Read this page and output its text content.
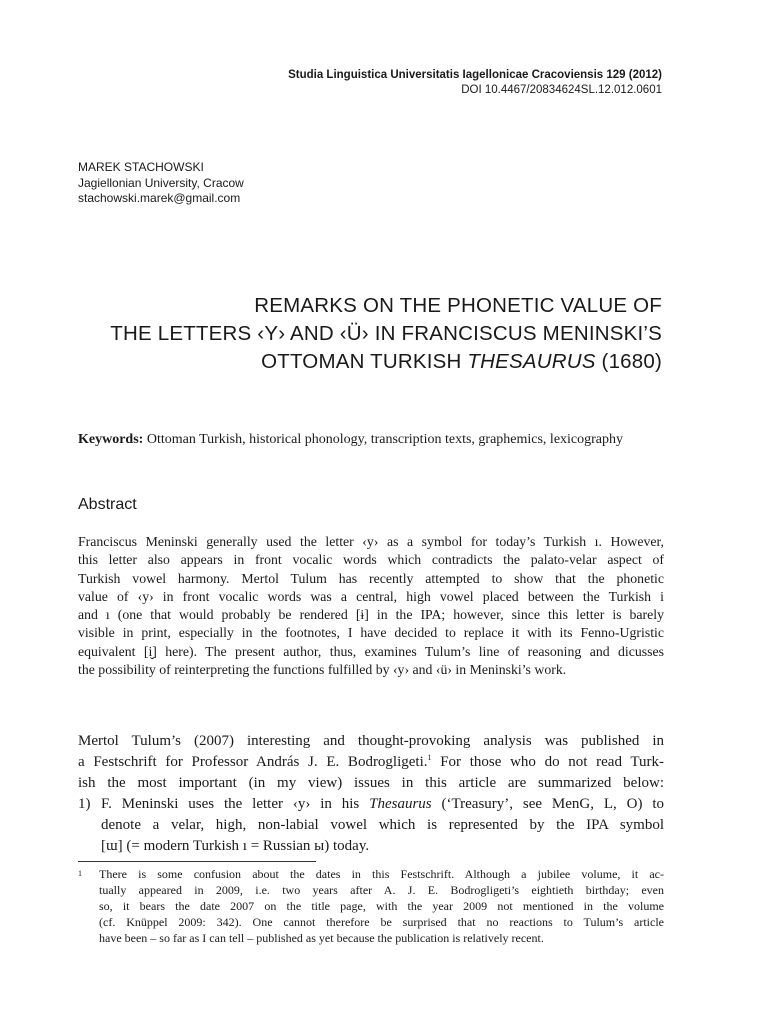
Studia Linguistica Universitatis Iagellonicae Cracoviensis 129 (2012)
DOI 10.4467/20834624SL.12.012.0601
MAREK STACHOWSKI
Jagiellonian University, Cracow
stachowski.marek@gmail.com
REMARKS ON THE PHONETIC VALUE OF
THE LETTERS ‹Y› AND ‹Ü› IN FRANCISCUS MENINSKI’S
OTTOMAN TURKISH THESAURUS (1680)
Keywords: Ottoman Turkish, historical phonology, transcription texts, graphemics, lexicography
Abstract
Franciscus Meninski generally used the letter ‹y› as a symbol for today’s Turkish ı. However,
this letter also appears in front vocalic words which contradicts the palato-velar aspect of
Turkish vowel harmony. Mertol Tulum has recently attempted to show that the phonetic
value of ‹y› in front vocalic words was a central, high vowel placed between the Turkish i
and ı (one that would probably be rendered [ɨ] in the IPA; however, since this letter is barely
visible in print, especially in the footnotes, I have decided to replace it with its Fenno-Ugristic
equivalent [i̮] here). The present author, thus, examines Tulum’s line of reasoning and dicusses
the possibility of reinterpreting the functions fulfilled by ‹y› and ‹ü› in Meninski’s work.
Mertol Tulum’s (2007) interesting and thought-provoking analysis was published in
a Festschrift for Professor András J. E. Bodrogligeti.$^1$ For those who do not read Turk-
ish the most important (in my view) issues in this article are summarized below:
1) F. Meninski uses the letter ‹y› in his Thesaurus (‘Treasury’, see MenG, L, O) to
denote a velar, high, non-labial vowel which is represented by the IPA symbol
[ɯ] (= modern Turkish ı = Russian ы) today.
1 There is some confusion about the dates in this Festschrift. Although a jubilee volume, it ac-
tually appeared in 2009, i.e. two years after A. J. E. Bodrogligeti’s eightieth birthday; even
so, it bears the date 2007 on the title page, with the year 2009 not mentioned in the volume
(cf. Knüppel 2009: 342). One cannot therefore be surprised that no reactions to Tulum’s article
have been – so far as I can tell – published as yet because the publication is relatively recent.
